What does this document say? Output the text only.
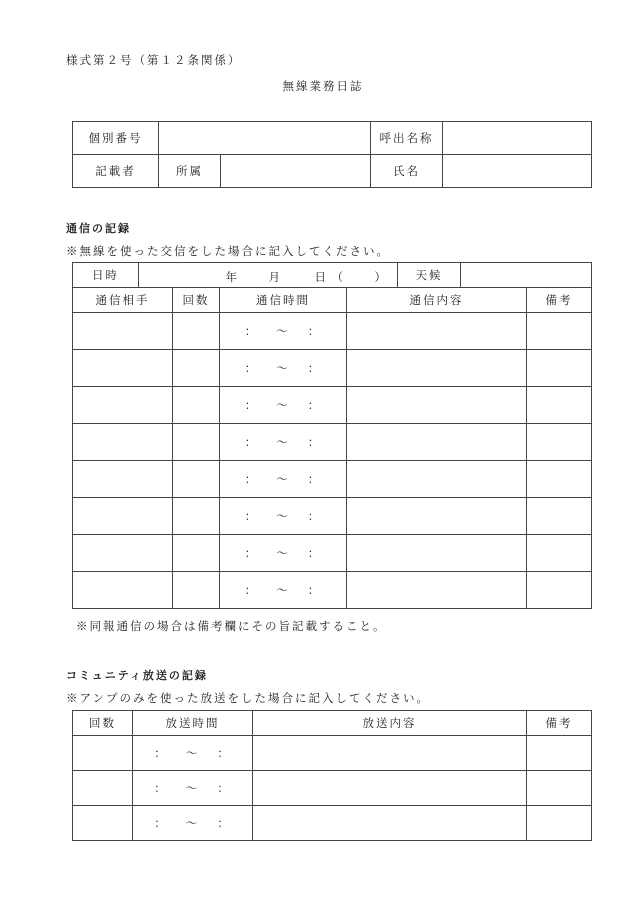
様式第２号（第１２条関係）
無線業務日誌
個別番号			呼出名称	
記載者	所属		氏名	
通信の記録
※無線を使った交信をした場合に記入してください。
日時	年 月 日 （ ）				天候		
通信相手		回数	通信時間	通信内容			備考
			： 〜 ：				
			： 〜 ：				
			： 〜 ：				
			： 〜 ：				
			： 〜 ：				
			： 〜 ：				
			： 〜 ：				
			： 〜 ：				
※同報通信の場合は備考欄にその旨記載すること。
コミュニティ放送の記録
※アンプのみを使った放送をした場合に記入してください。
回数	放送時間	放送内容	備考
	： 〜 ：		
	： 〜 ：		
	： 〜 ：		
